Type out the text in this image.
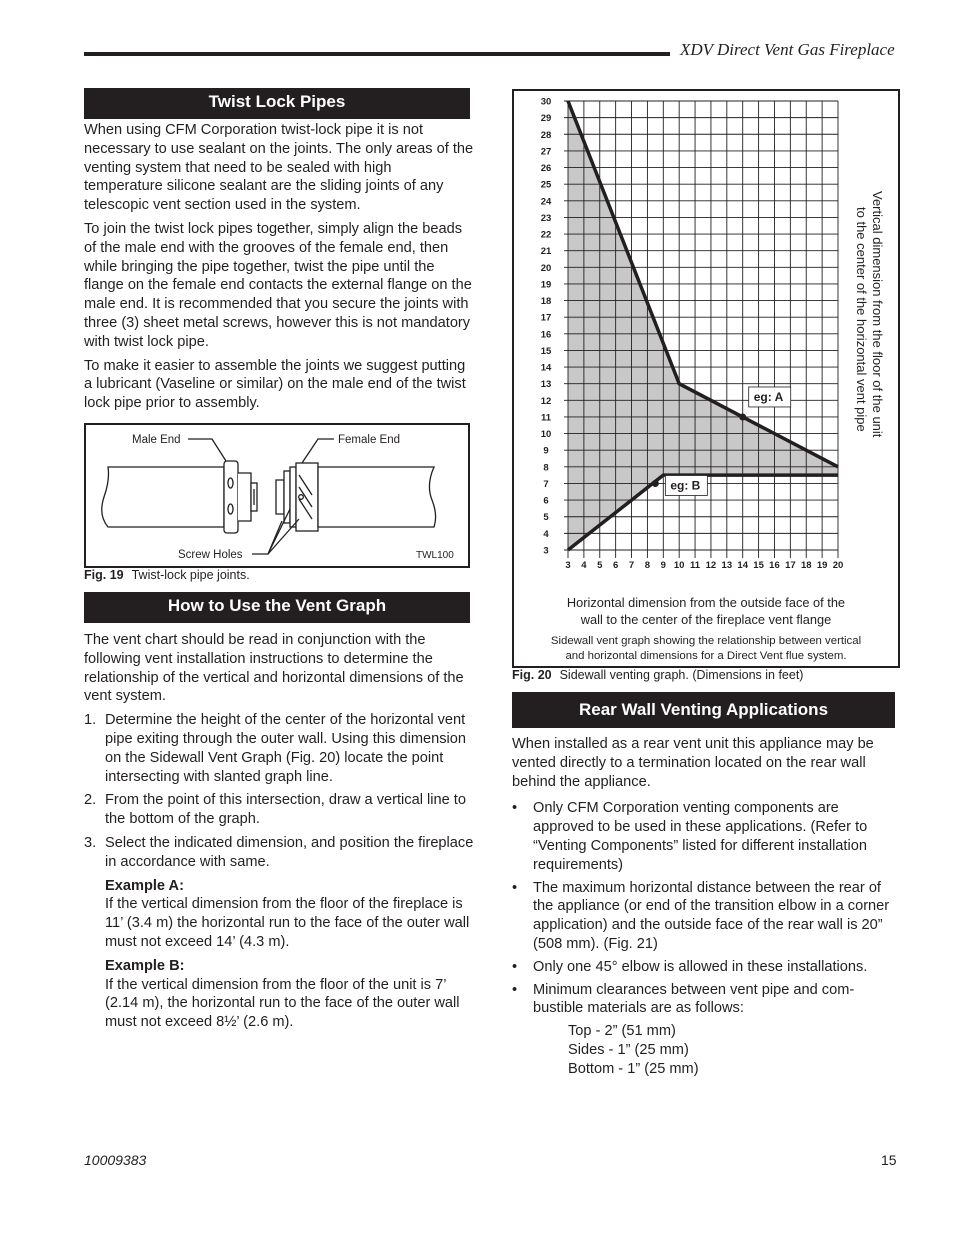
XDV Direct Vent Gas Fireplace
Twist Lock Pipes

When using CFM Corporation twist-lock pipe it is not necessary to use sealant on the joints. The only areas of the venting system that need to be sealed with high temperature silicone sealant are the sliding joints of any telescopic vent section used in the system.

To join the twist lock pipes together, simply align the beads of the male end with the grooves of the female end, then while bringing the pipe together, twist the pipe until the flange on the female end contacts the external flange on the male end. It is recommended that you secure the joints with three (3) sheet metal screws, however this is not mandatory with twist lock pipe.

To make it easier to assemble the joints we suggest putting a lubricant (Vaseline or similar) on the male end of the twist lock pipe prior to assembly.

Male End	Female End
Screw Holes	TWL100
Fig. 19 Twist-lock pipe joints.
How to Use the Vent Graph

The vent chart should be read in conjunction with the following vent installation instructions to determine the relationship of the vertical and horizontal dimensions of the vent system.

1. Determine the height of the center of the horizontal vent pipe exiting through the outer wall. Using this dimension on the Sidewall Vent Graph (Fig. 20) locate the point intersecting with slanted graph line.
2. From the point of this intersection, draw a vertical line to the bottom of the graph.
3. Select the indicated dimension, and position the fireplace in accordance with same.
Example A:
If the vertical dimension from the floor of the fireplace is 11’ (3.4 m) the horizontal run to the face of the outer wall must not exceed 14’ (4.3 m).
Example B:
If the vertical dimension from the floor of the unit is 7’ (2.14 m), the horizontal run to the face of the outer wall must not exceed 8½’ (2.6 m).
3
4
5
6
7
8
9
10
11
12
13
14
15
16
17
18
19
20
21
22
23
24
25
26
27
28
29
30
3 4 5 6 7 8 9 10 11 12 13 14 15 16 17 18 19 20
eg: A
eg: B
Vertical dimension from the floor of the unit
to the center of the horizontal vent pipe
Horizontal dimension from the outside face of the
wall to the center of the fireplace vent flange
Sidewall vent graph showing the relationship between vertical
and horizontal dimensions for a Direct Vent flue system.
Fig. 20 Sidewall venting graph. (Dimensions in feet)
Rear Wall Venting Applications

When installed as a rear vent unit this appliance may be vented directly to a termination located on the rear wall behind the appliance.

• Only CFM Corporation venting components are approved to be used in these applications. (Refer to “Venting Components” listed for different installation requirements)
• The maximum horizontal distance between the rear of the appliance (or end of the transition elbow in a corner application) and the outside face of the rear wall is 20” (508 mm). (Fig. 21)
• Only one 45° elbow is allowed in these installations.
• Minimum clearances between vent pipe and com-bustible materials are as follows:
Top - 2” (51 mm)
Sides - 1” (25 mm)
Bottom - 1” (25 mm)
10009383	15
